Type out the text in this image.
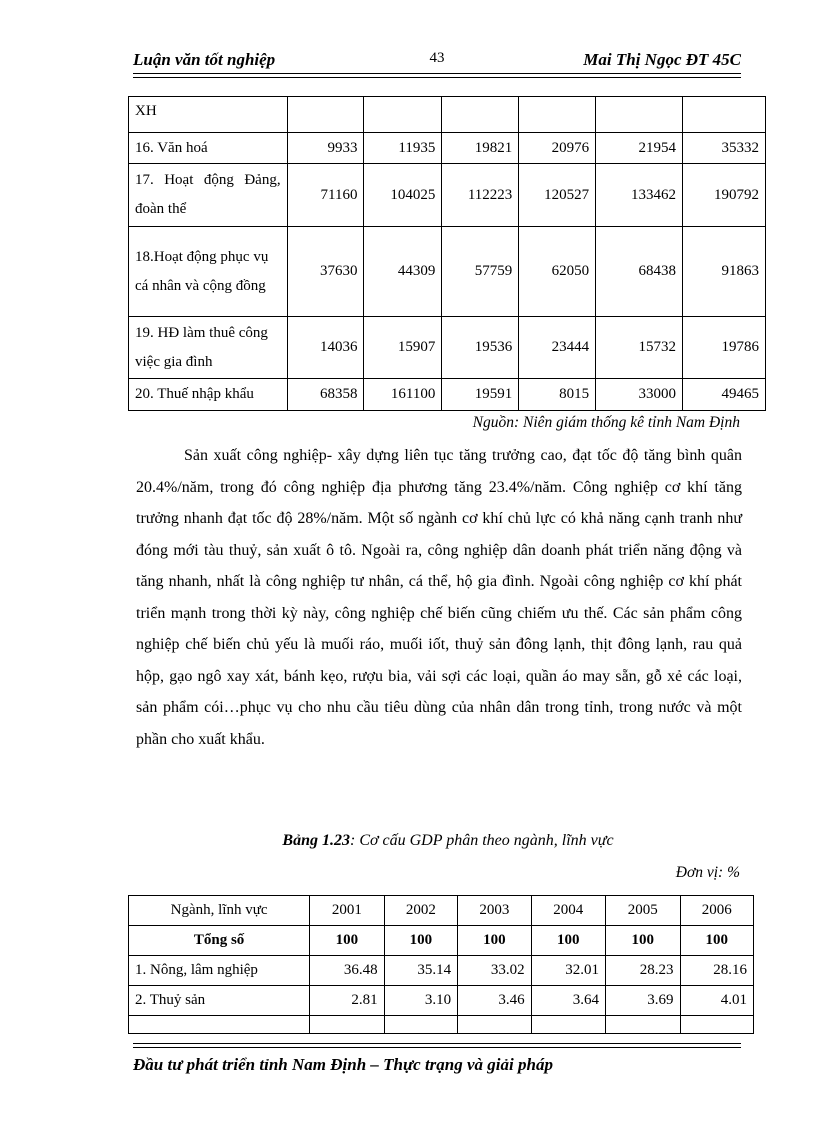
Luận văn tốt nghiệp	43	Mai Thị Ngọc ĐT 45C
XH						
16. Văn hoá	9933	11935	19821	20976	21954	35332
17. Hoạt động Đảng, đoàn thể	71160	104025	112223	120527	133462	190792
18.Hoạt động phục vụ cá nhân và cộng đồng	37630	44309	57759	62050	68438	91863
19. HĐ làm thuê công việc gia đình	14036	15907	19536	23444	15732	19786
20. Thuế nhập khẩu	68358	161100	19591	8015	33000	49465
Nguồn: Niên giám thống kê tỉnh Nam Định

Sản xuất công nghiệp- xây dựng liên tục tăng trưởng cao, đạt tốc độ tăng bình quân 20.4%/năm, trong đó công nghiệp địa phương tăng 23.4%/năm. Công nghiệp cơ khí tăng trưởng nhanh đạt tốc độ 28%/năm. Một số ngành cơ khí chủ lực có khả năng cạnh tranh như đóng mới tàu thuỷ, sản xuất ô tô. Ngoài ra, công nghiệp dân doanh phát triển năng động và tăng nhanh, nhất là công nghiệp tư nhân, cá thể, hộ gia đình. Ngoài công nghiệp cơ khí phát triển mạnh trong thời kỳ này, công nghiệp chế biến cũng chiếm ưu thế. Các sản phẩm công nghiệp chế biến chủ yếu là muối ráo, muối iốt, thuỷ sản đông lạnh, thịt đông lạnh, rau quả hộp, gạo ngô xay xát, bánh kẹo, rượu bia, vải sợi các loại, quần áo may sẵn, gỗ xẻ các loại, sản phẩm cói…phục vụ cho nhu cầu tiêu dùng của nhân dân trong tỉnh, trong nước và một phần cho xuất khẩu.

Bảng 1.23: Cơ cấu GDP phân theo ngành, lĩnh vực
Đơn vị: %
Ngành, lĩnh vực	2001	2002	2003	2004	2005	2006
Tổng số	100	100	100	100	100	100
1. Nông, lâm nghiệp	36.48	35.14	33.02	32.01	28.23	28.16
2. Thuỷ sản	2.81	3.10	3.46	3.64	3.69	4.01

Đầu tư phát triển tỉnh Nam Định – Thực trạng và giải pháp
